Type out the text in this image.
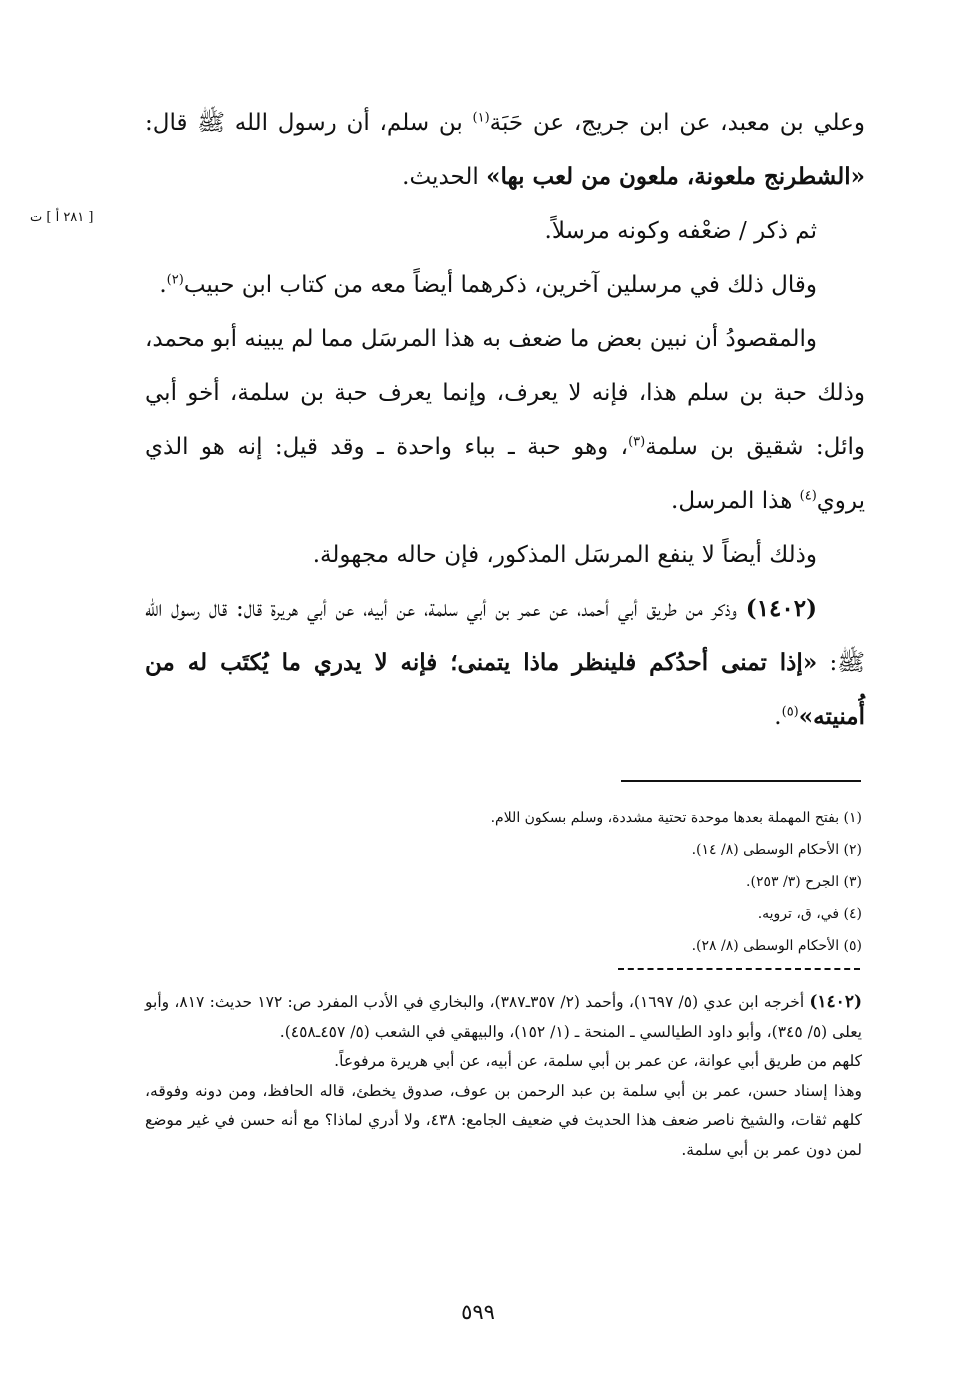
[ ٢٨١ أ ] ت

وعلي بن معبد، عن ابن جريج، عن حَبَة$^{(١)}$ بن سلم، أن رسول الله ﷺ قال: «الشطرنج ملعونة، ملعون من لعب بها» الحديث.

ثم ذكر / ضعْفه وكونه مرسلاً.

وقال ذلك في مرسلين آخرين، ذكرهما أيضاً معه من كتاب ابن حبيب$^{(٢)}$.

والمقصودُ أن نبين بعض ما ضعف به هذا المرسَل مما لم يبينه أبو محمد، وذلك حبة بن سلم هذا، فإنه لا يعرف، وإنما يعرف حبة بن سلمة، أخو أبي وائل: شقيق بن سلمة$^{(٣)}$، وهو حبة ـ بباء واحدة ـ وقد قيل: إنه هو الذي يروي$^{(٤)}$ هذا المرسل.

وذلك أيضاً لا ينفع المرسَل المذكور، فإن حاله مجهولة.

(١٤٠٢) وذكر من طريق أبي أحمد، عن عمر بن أبي سلمة، عن أبيه، عن أبي هريرة قال: قال رسول الله ﷺ: «إذا تمنى أحدُكم فلينظر ماذا يتمنى؛ فإنه لا يدري ما يُكتَب له من أُمنيته»$^{(٥)}$.

(١) بفتح المهملة بعدها موحدة تحتية مشددة، وسلم بسكون اللام.

(٢) الأحكام الوسطى (٨/ ١٤).

(٣) الجرح (٣/ ٢٥٣).

(٤) في، ق، ترويه.

(٥) الأحكام الوسطى (٨/ ٢٨).

(١٤٠٢) أخرجه ابن عدي (٥/ ١٦٩٧)، وأحمد (٢/ ٣٥٧ـ٣٨٧)، والبخاري في الأدب المفرد ص: ١٧٢ حديث: ٨١٧، وأبو يعلى (٥/ ٣٤٥)، وأبو داود الطيالسي ـ المنحة ـ (١/ ١٥٢)، والبيهقي في الشعب (٥/ ٤٥٧ـ٤٥٨).

كلهم من طريق أبي عوانة، عن عمر بن أبي سلمة، عن أبيه، عن أبي هريرة مرفوعاً.

وهذا إسناد حسن، عمر بن أبي سلمة بن عبد الرحمن بن عوف، صدوق يخطئ، قاله الحافظ، ومن دونه وفوقه، كلهم ثقات، والشيخ ناصر ضعف هذا الحديث في ضعيف الجامع: ٤٣٨، ولا أدري لماذا؟ مع أنه حسن في غير موضع لمن دون عمر بن أبي سلمة.

٥٩٩
